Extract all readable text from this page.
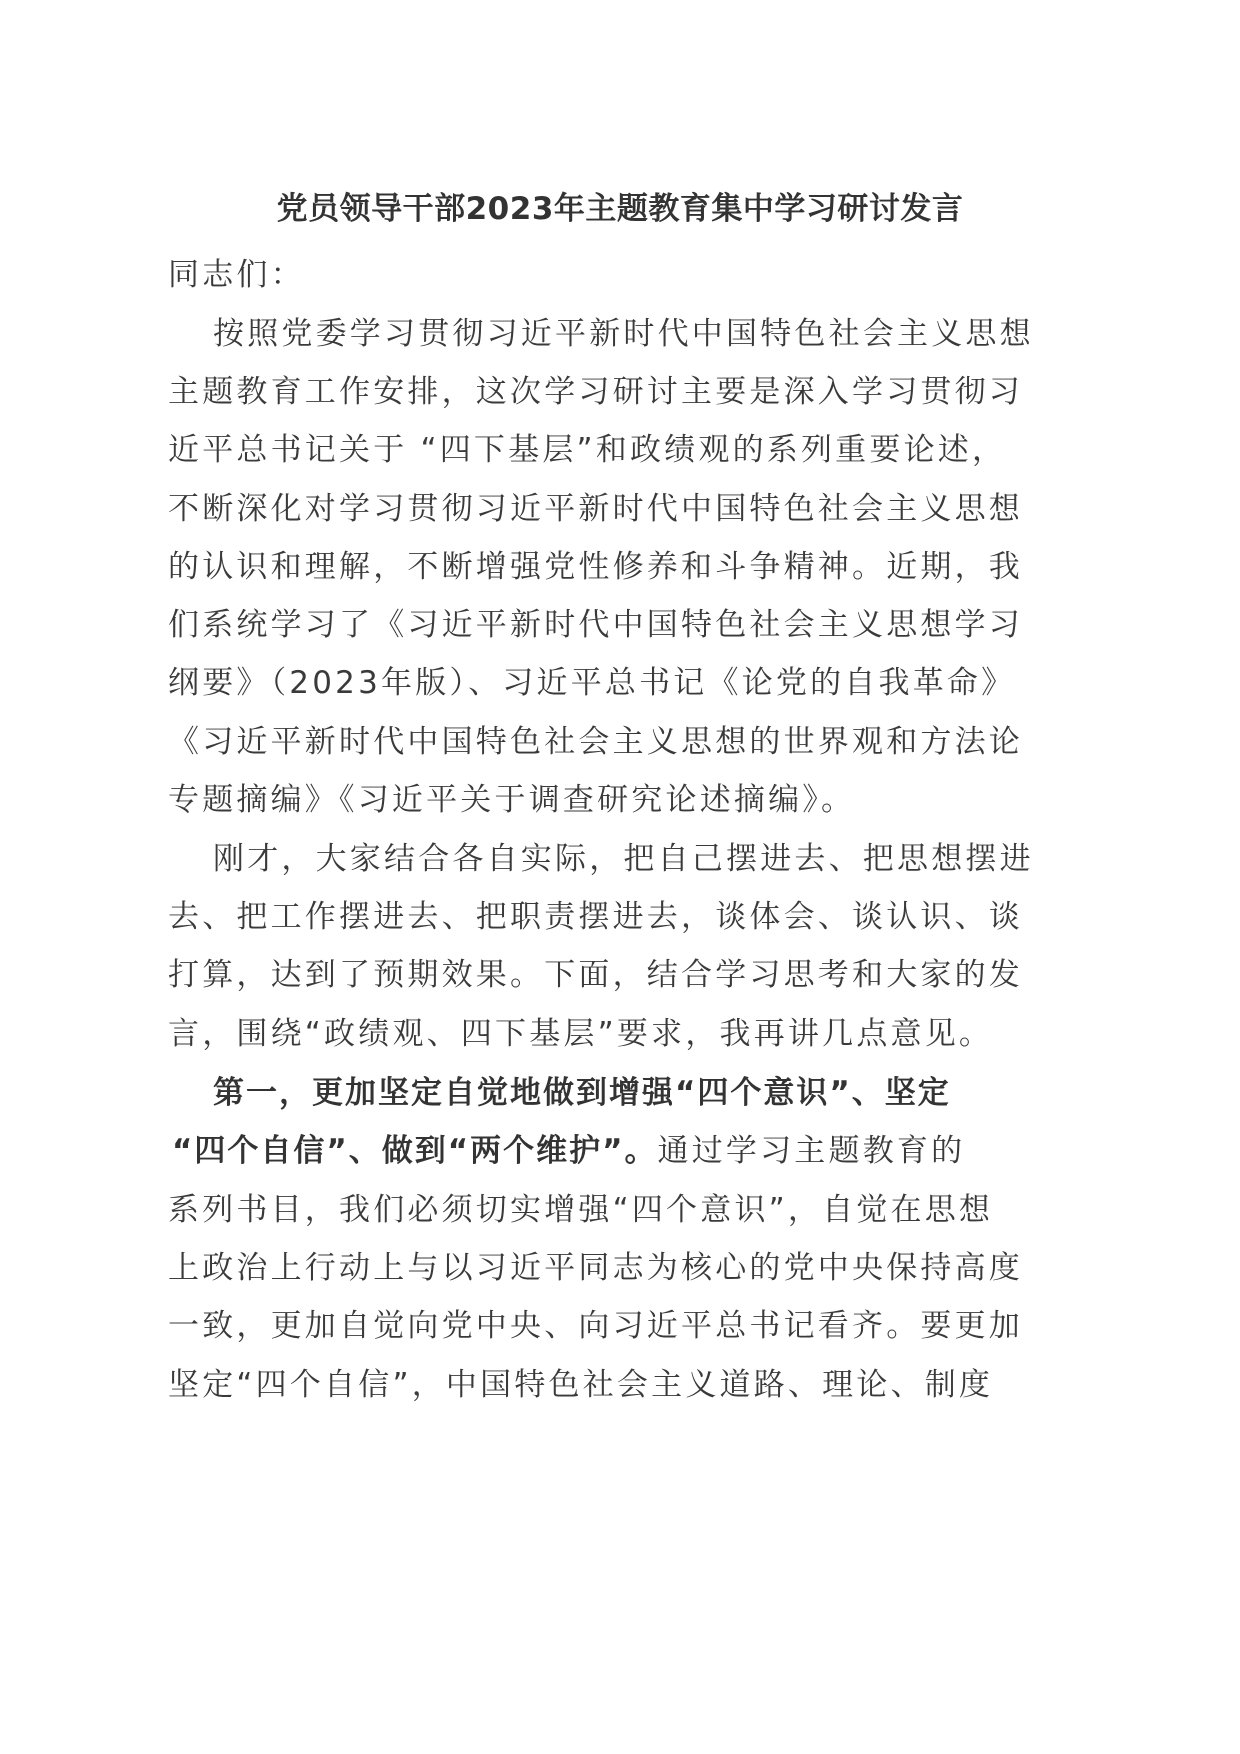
党员领导干部2023年主题教育集中学习研讨发言
同志们：
按照党委学习贯彻习近平新时代中国特色社会主义思想
主题教育工作安排，这次学习研讨主要是深入学习贯彻习
近平总书记关于 “四下基层”和政绩观的系列重要论述，
不断深化对学习贯彻习近平新时代中国特色社会主义思想
的认识和理解，不断增强党性修养和斗争精神。近期，我
们系统学习了《习近平新时代中国特色社会主义思想学习
纲要》（2023年版）、习近平总书记《论党的自我革命》
《习近平新时代中国特色社会主义思想的世界观和方法论
专题摘编》《习近平关于调查研究论述摘编》。
刚才，大家结合各自实际，把自己摆进去、把思想摆进
去、把工作摆进去、把职责摆进去，谈体会、谈认识、谈
打算，达到了预期效果。下面，结合学习思考和大家的发
言，围绕“政绩观、四下基层”要求，我再讲几点意见。
第一，更加坚定自觉地做到增强“四个意识”、坚定
“四个自信”、做到“两个维护”。通过学习主题教育的
系列书目，我们必须切实增强“四个意识”，自觉在思想
上政治上行动上与以习近平同志为核心的党中央保持高度
一致，更加自觉向党中央、向习近平总书记看齐。要更加
坚定“四个自信”，中国特色社会主义道路、理论、制度
